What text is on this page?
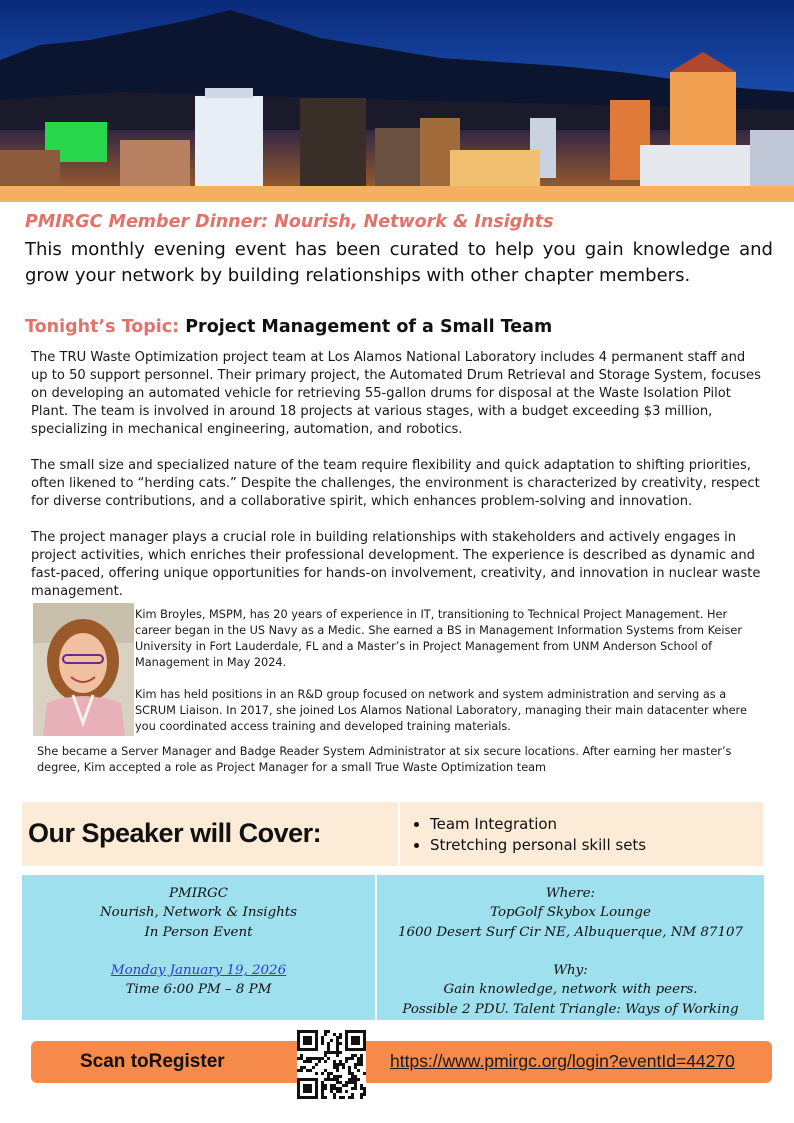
PMIRGC Member Dinner: Nourish, Network & Insights
This monthly evening event has been curated to help you gain knowledge and grow your network by building relationships with other chapter members.
Tonight’s Topic: Project Management of a Small Team
The TRU Waste Optimization project team at Los Alamos National Laboratory includes 4 permanent staff and up to 50 support personnel. Their primary project, the Automated Drum Retrieval and Storage System, focuses on developing an automated vehicle for retrieving 55-gallon drums for disposal at the Waste Isolation Pilot Plant. The team is involved in around 18 projects at various stages, with a budget exceeding $3 million, specializing in mechanical engineering, automation, and robotics.
The small size and specialized nature of the team require flexibility and quick adaptation to shifting priorities, often likened to “herding cats.” Despite the challenges, the environment is characterized by creativity, respect for diverse contributions, and a collaborative spirit, which enhances problem-solving and innovation.
The project manager plays a crucial role in building relationships with stakeholders and actively engages in project activities, which enriches their professional development. The experience is described as dynamic and fast-paced, offering unique opportunities for hands-on involvement, creativity, and innovation in nuclear waste management.
Kim Broyles, MSPM, has 20 years of experience in IT, transitioning to Technical Project Management. Her career began in the US Navy as a Medic. She earned a BS in Management Information Systems from Keiser University in Fort Lauderdale, FL and a Master’s in Project Management from UNM Anderson School of Management in May 2024.
Kim has held positions in an R&D group focused on network and system administration and serving as a SCRUM Liaison. In 2017, she joined Los Alamos National Laboratory, managing their main datacenter where you coordinated access training and developed training materials.
She became a Server Manager and Badge Reader System Administrator at six secure locations. After earning her master’s degree, Kim accepted a role as Project Manager for a small True Waste Optimization team
Our Speaker will Cover:
•	Team Integration
• Stretching personal skill sets
PMIRGC
Nourish, Network & Insights
In Person Event

Monday January 19, 2026
Time 6:00 PM – 8 PM
Where:
TopGolf Skybox Lounge
1600 Desert Surf Cir NE, Albuquerque, NM 87107

Why:
Gain knowledge, network with peers.
Possible 2 PDU. Talent Triangle: Ways of Working
Scan toRegister	https://www.pmirgc.org/login?eventId=44270
